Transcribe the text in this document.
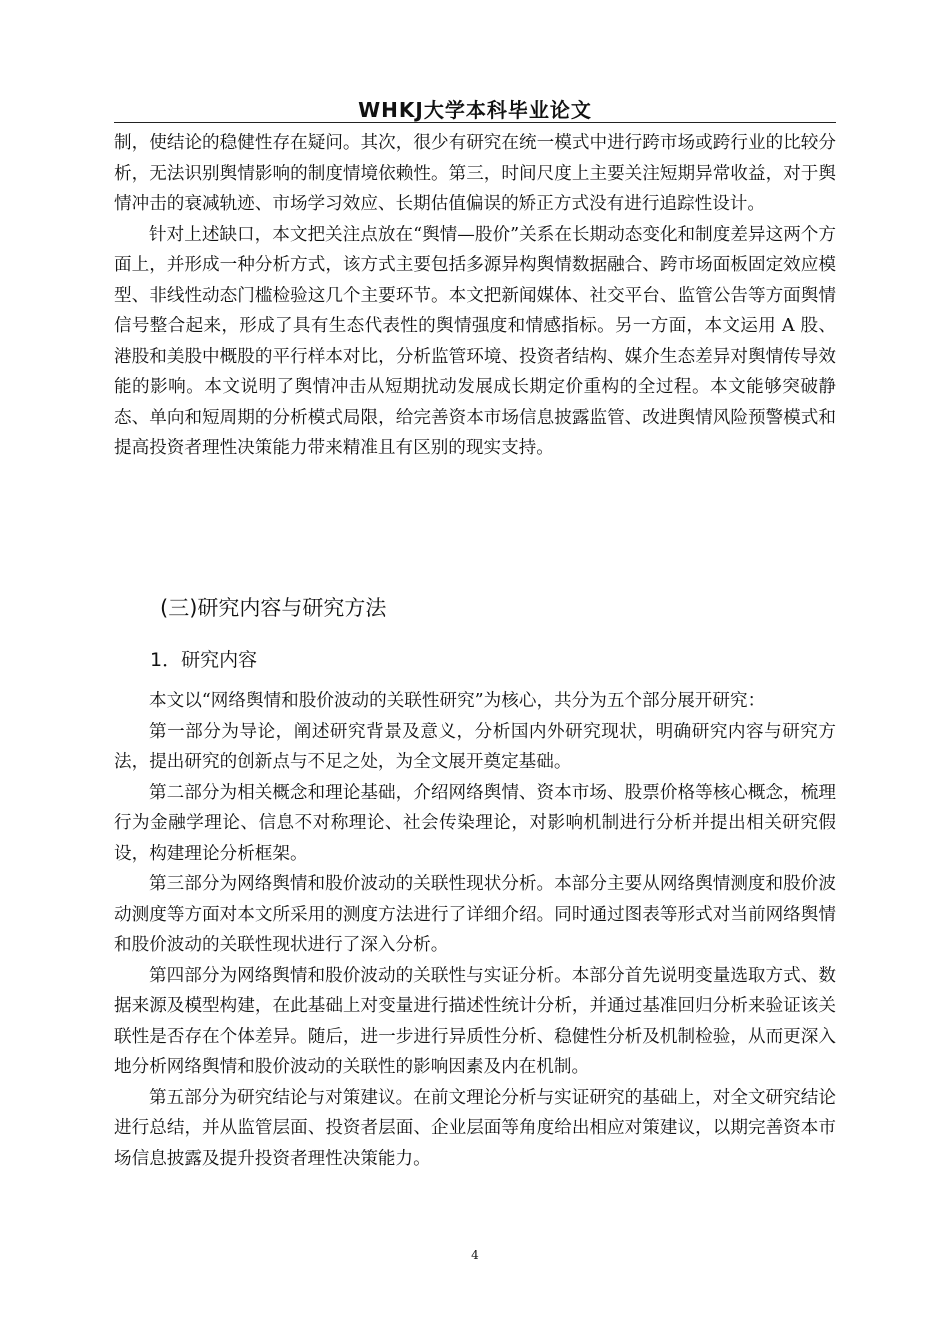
WHKJ大学本科毕业论文

制，使结论的稳健性存在疑问。其次，很少有研究在统一模式中进行跨市场或跨行业的比较分析，无法识别舆情影响的制度情境依赖性。第三，时间尺度上主要关注短期异常收益，对于舆情冲击的衰减轨迹、市场学习效应、长期估值偏误的矫正方式没有进行追踪性设计。

针对上述缺口，本文把关注点放在“舆情—股价”关系在长期动态变化和制度差异这两个方面上，并形成一种分析方式，该方式主要包括多源异构舆情数据融合、跨市场面板固定效应模型、非线性动态门槛检验这几个主要环节。本文把新闻媒体、社交平台、监管公告等方面舆情信号整合起来，形成了具有生态代表性的舆情强度和情感指标。另一方面，本文运用 A 股、港股和美股中概股的平行样本对比，分析监管环境、投资者结构、媒介生态差异对舆情传导效能的影响。本文说明了舆情冲击从短期扰动发展成长期定价重构的全过程。本文能够突破静态、单向和短周期的分析模式局限，给完善资本市场信息披露监管、改进舆情风险预警模式和提高投资者理性决策能力带来精准且有区别的现实支持。

(三)研究内容与研究方法
1．研究内容

本文以“网络舆情和股价波动的关联性研究”为核心，共分为五个部分展开研究：

第一部分为导论，阐述研究背景及意义，分析国内外研究现状，明确研究内容与研究方法，提出研究的创新点与不足之处，为全文展开奠定基础。

第二部分为相关概念和理论基础，介绍网络舆情、资本市场、股票价格等核心概念，梳理行为金融学理论、信息不对称理论、社会传染理论，对影响机制进行分析并提出相关研究假设，构建理论分析框架。

第三部分为网络舆情和股价波动的关联性现状分析。本部分主要从网络舆情测度和股价波动测度等方面对本文所采用的测度方法进行了详细介绍。同时通过图表等形式对当前网络舆情和股价波动的关联性现状进行了深入分析。

第四部分为网络舆情和股价波动的关联性与实证分析。本部分首先说明变量选取方式、数据来源及模型构建，在此基础上对变量进行描述性统计分析，并通过基准回归分析来验证该关联性是否存在个体差异。随后，进一步进行异质性分析、稳健性分析及机制检验，从而更深入地分析网络舆情和股价波动的关联性的影响因素及内在机制。

第五部分为研究结论与对策建议。在前文理论分析与实证研究的基础上，对全文研究结论进行总结，并从监管层面、投资者层面、企业层面等角度给出相应对策建议，以期完善资本市场信息披露及提升投资者理性决策能力。

4
